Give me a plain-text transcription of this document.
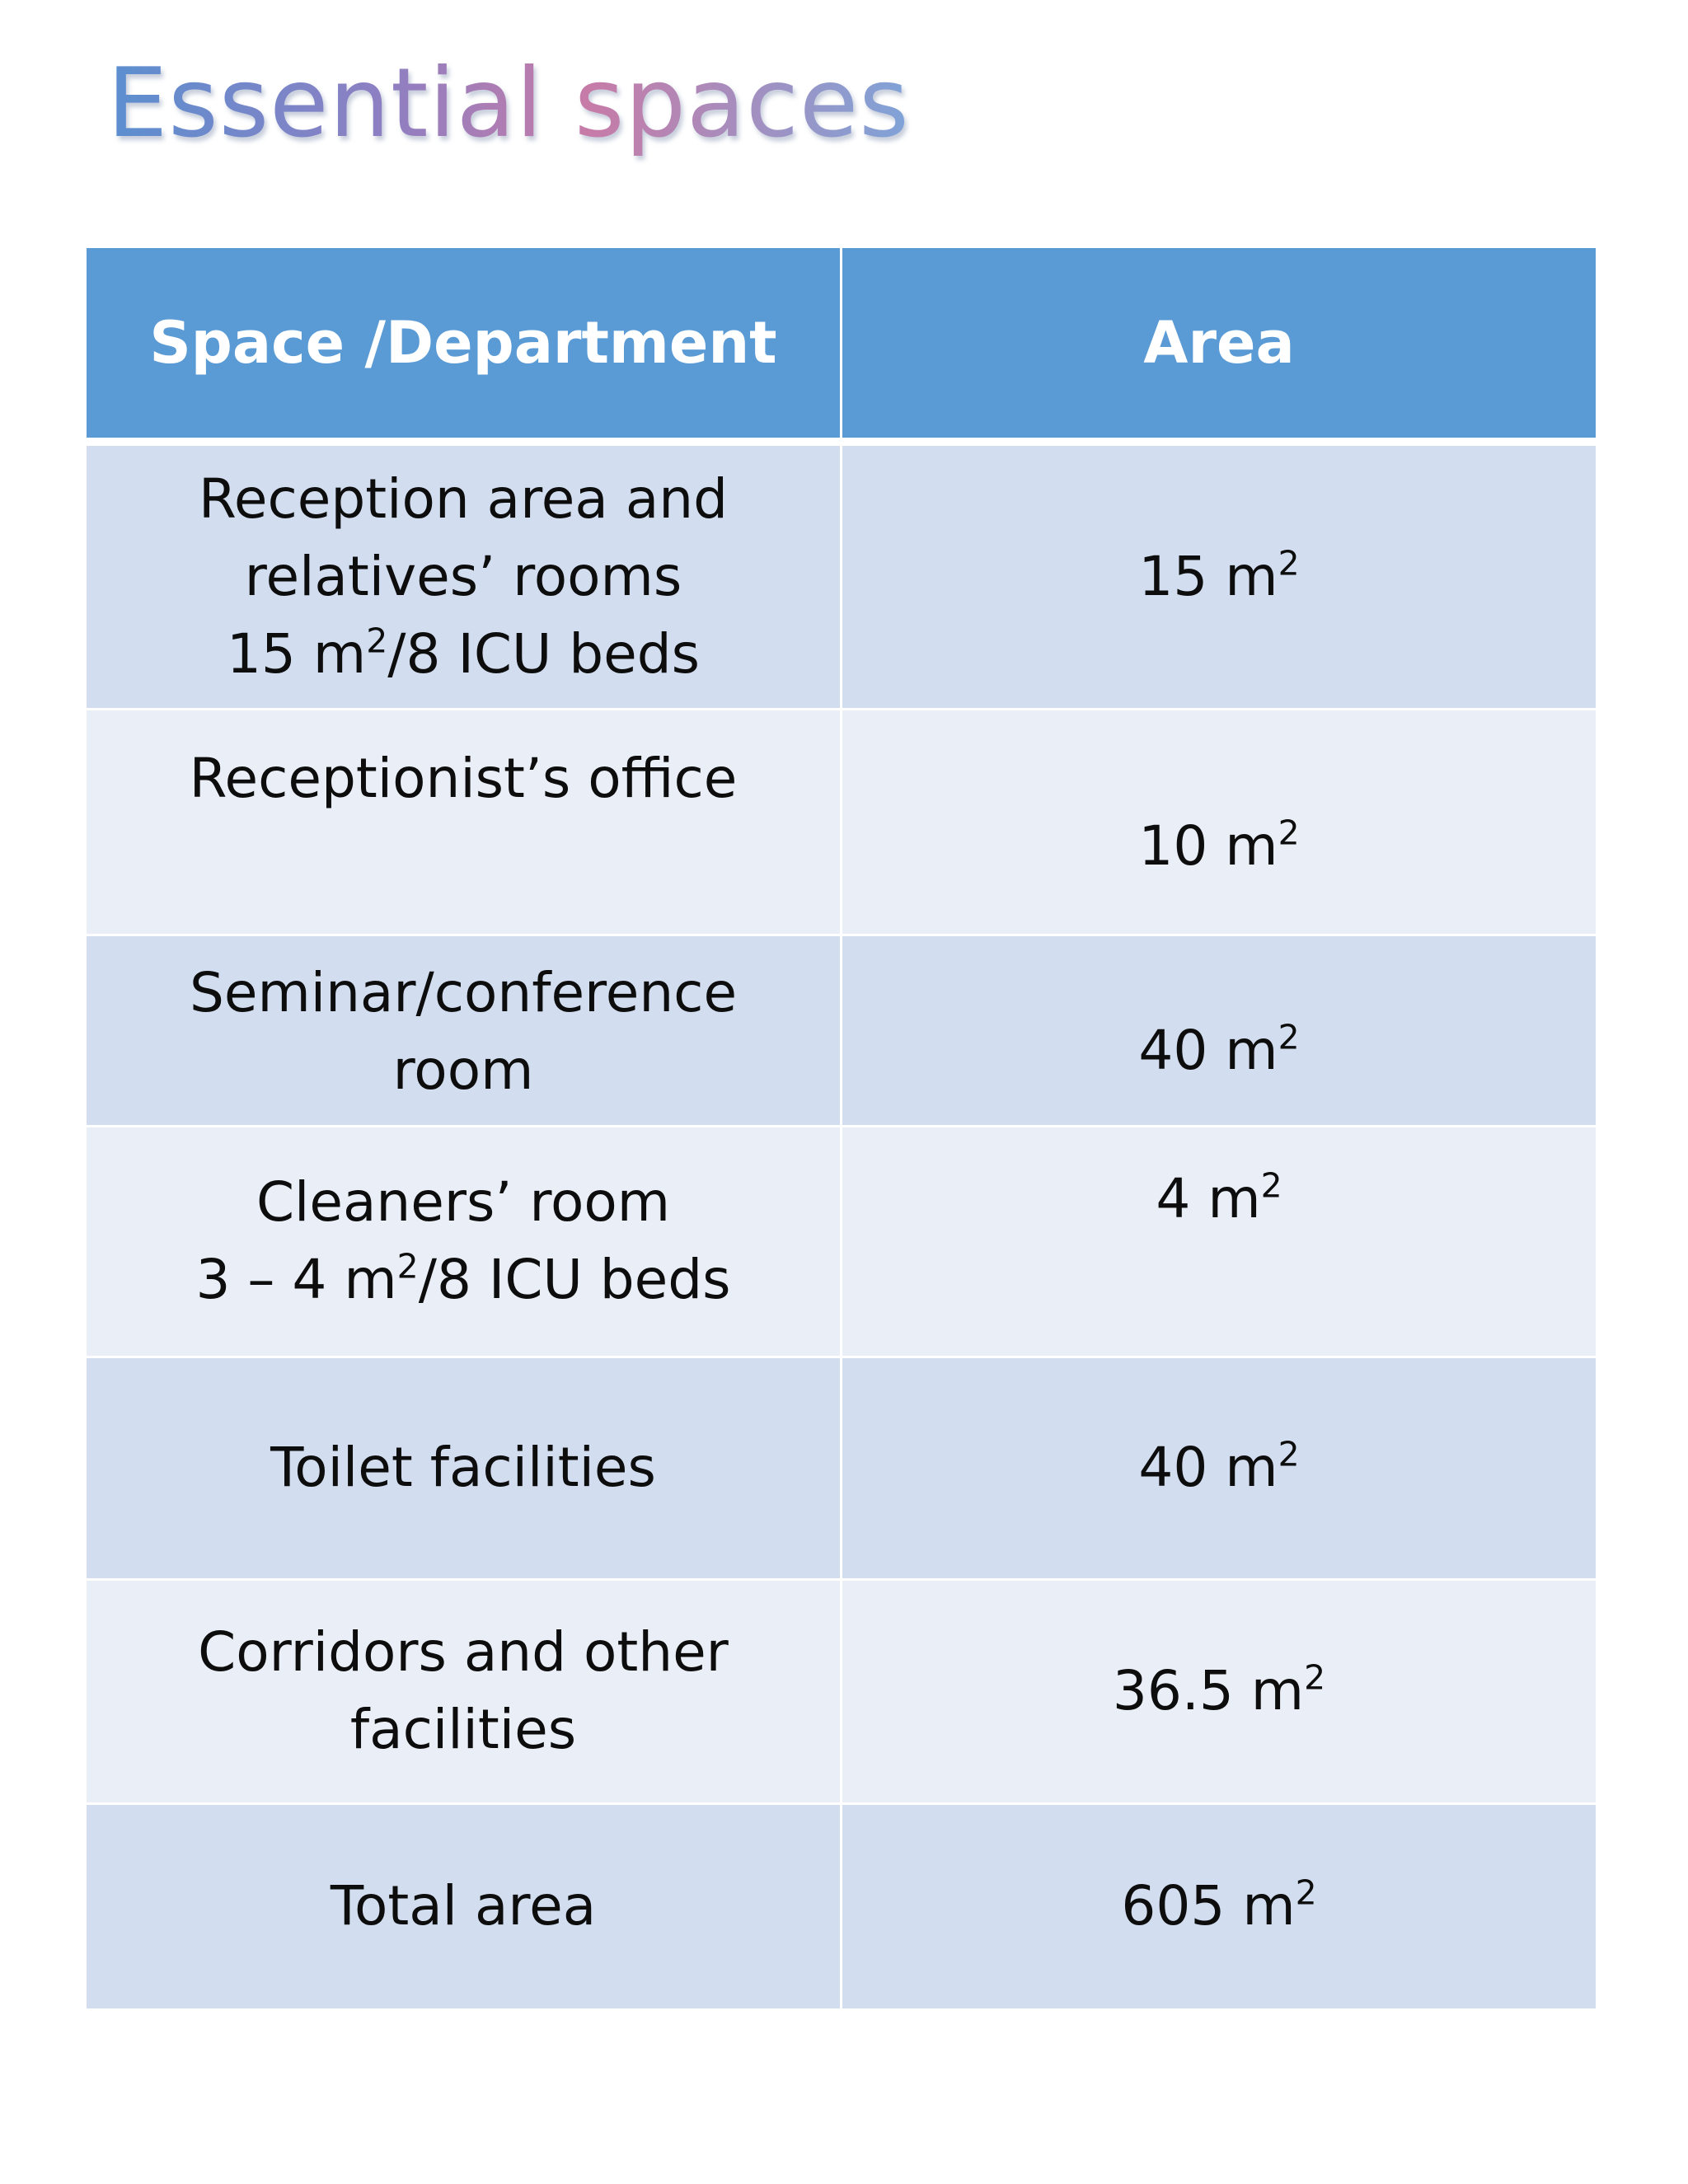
Essential spaces
Space /Department	Area

Reception area and
relatives’ rooms
15 $m^2/8$ ICU beds	15 $m^2$

Receptionist’s office	10 $m^2$

Seminar/conference room	40 $m^2$

Cleaners’ room
3 – 4 $m^2/8$ ICU beds	4 $m^2$

Toilet facilities	40 $m^2$

Corridors and other
facilities	36.5 $m^2$

Total area	605 $m^2$
